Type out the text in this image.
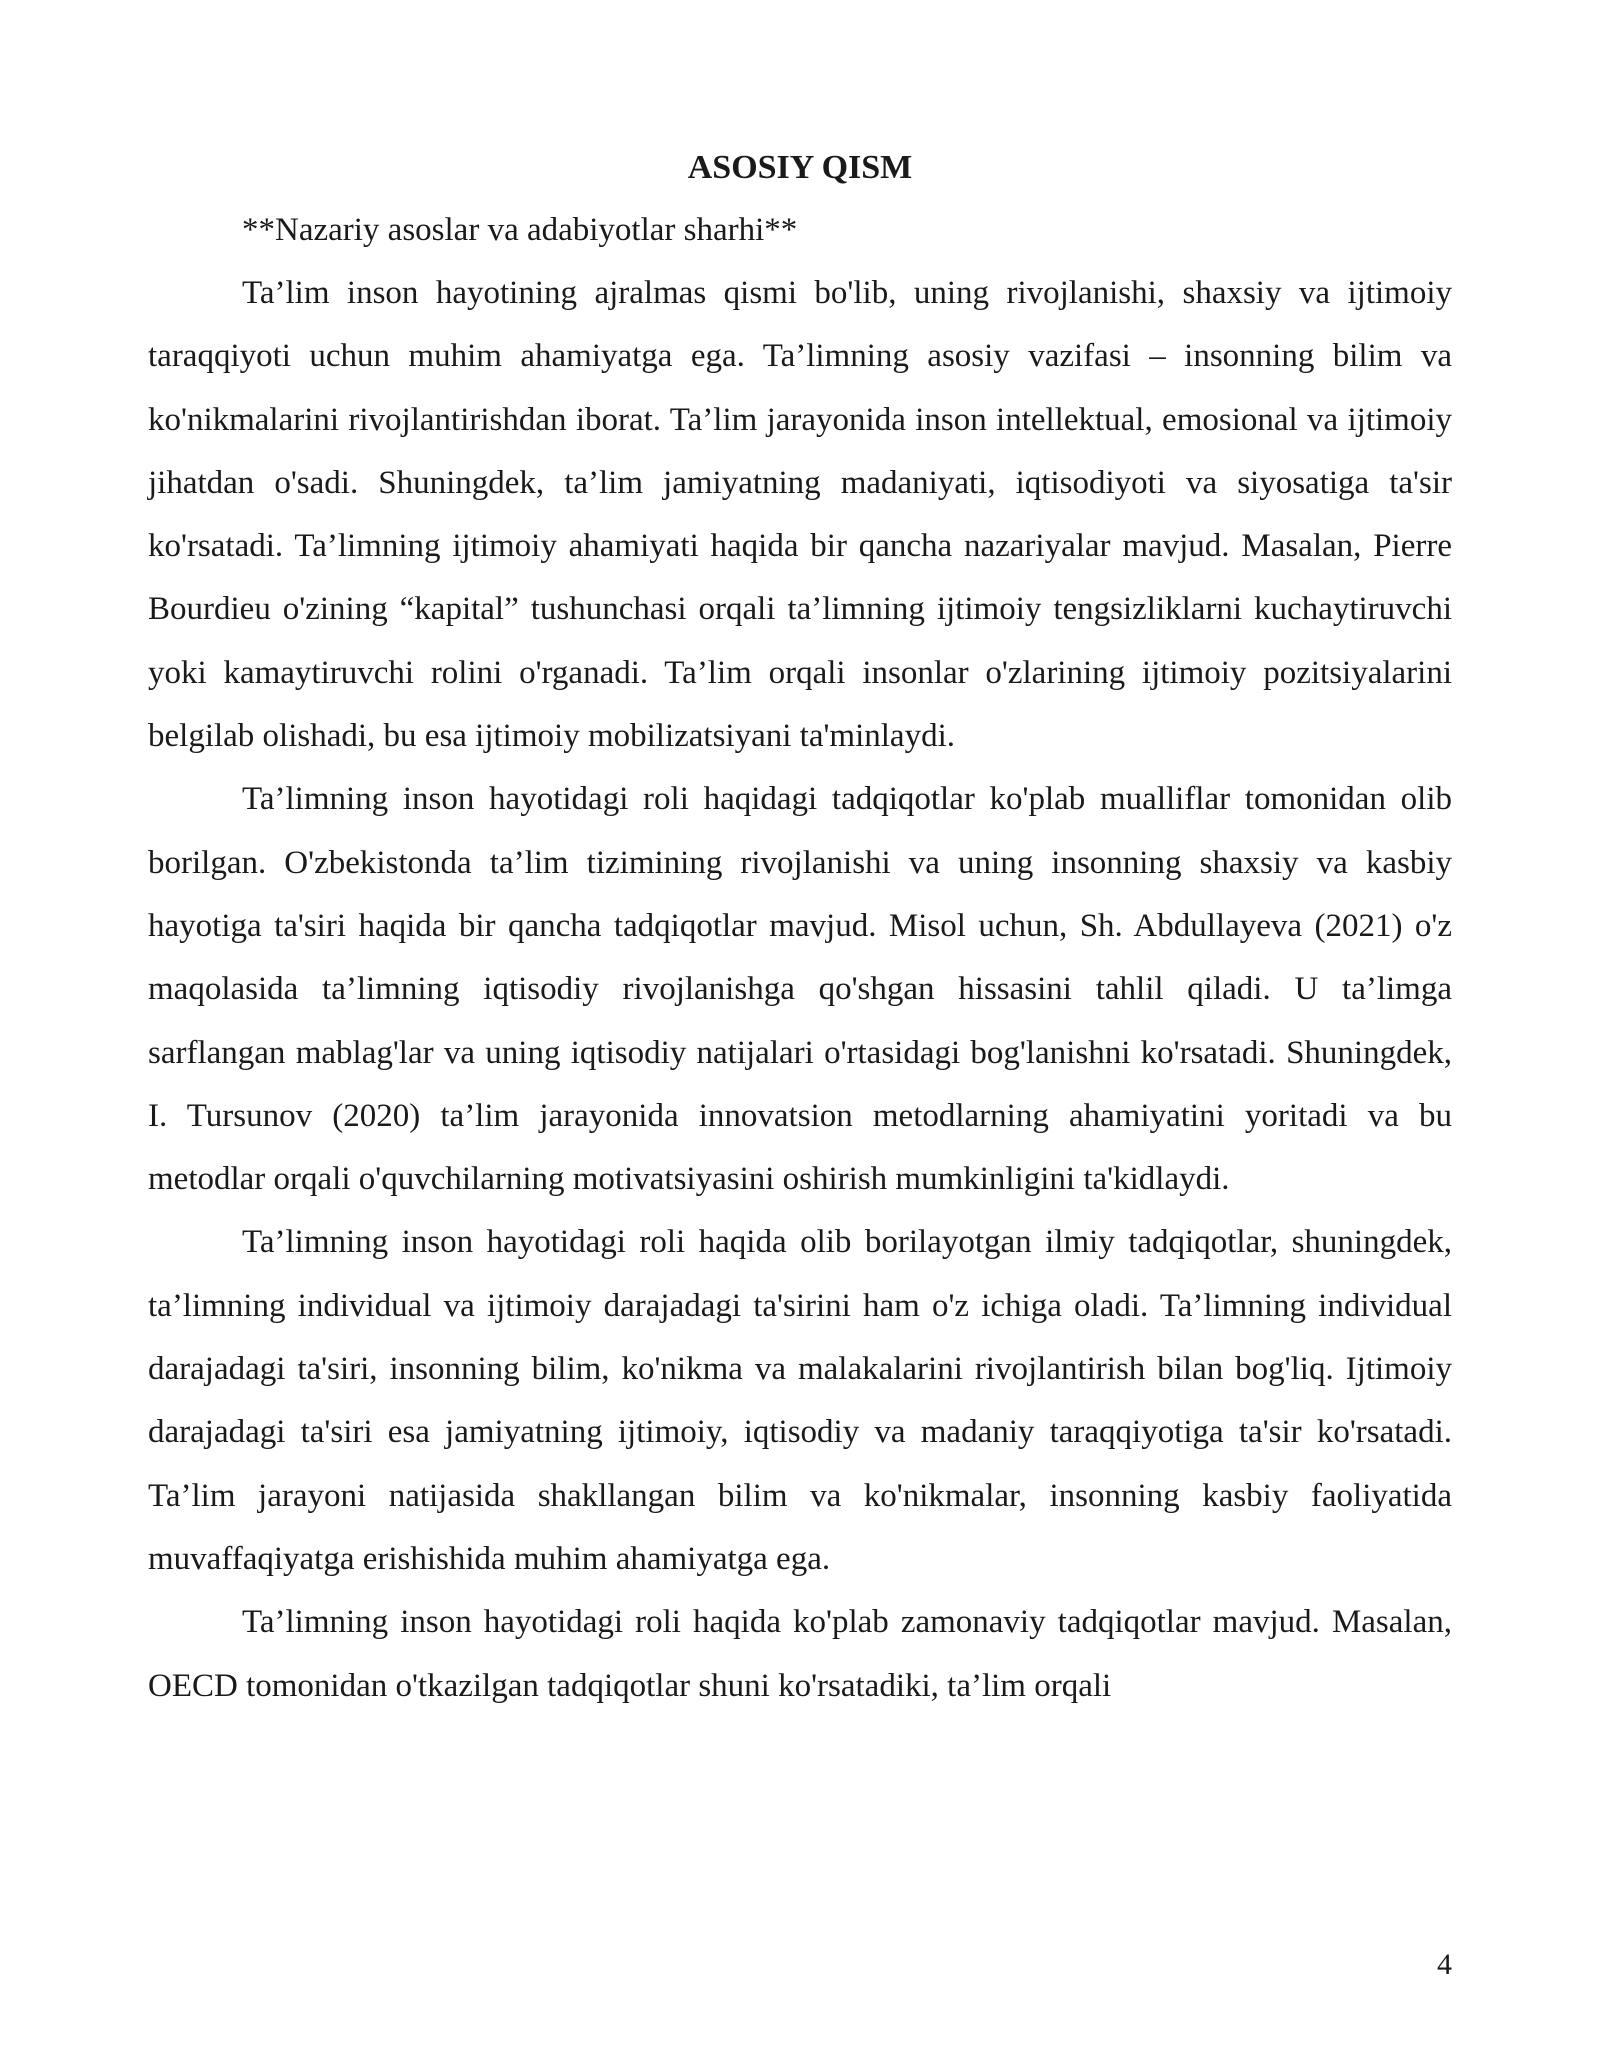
ASOSIY QISM

**Nazariy asoslar va adabiyotlar sharhi**

Ta’lim inson hayotining ajralmas qismi bo'lib, uning rivojlanishi, shaxsiy va ijtimoiy taraqqiyoti uchun muhim ahamiyatga ega. Ta’limning asosiy vazifasi – insonning bilim va ko'nikmalarini rivojlantirishdan iborat. Ta’lim jarayonida inson intellektual, emosional va ijtimoiy jihatdan o'sadi. Shuningdek, ta’lim jamiyatning madaniyati, iqtisodiyoti va siyosatiga ta'sir ko'rsatadi. Ta’limning ijtimoiy ahamiyati haqida bir qancha nazariyalar mavjud. Masalan, Pierre Bourdieu o'zining “kapital” tushunchasi orqali ta’limning ijtimoiy tengsizliklarni kuchaytiruvchi yoki kamaytiruvchi rolini o'rganadi. Ta’lim orqali insonlar o'zlarining ijtimoiy pozitsiyalarini belgilab olishadi, bu esa ijtimoiy mobilizatsiyani ta'minlaydi.

Ta’limning inson hayotidagi roli haqidagi tadqiqotlar ko'plab mualliflar tomonidan olib borilgan. O'zbekistonda ta’lim tizimining rivojlanishi va uning insonning shaxsiy va kasbiy hayotiga ta'siri haqida bir qancha tadqiqotlar mavjud. Misol uchun, Sh. Abdullayeva (2021) o'z maqolasida ta’limning iqtisodiy rivojlanishga qo'shgan hissasini tahlil qiladi. U ta’limga sarflangan mablag'lar va uning iqtisodiy natijalari o'rtasidagi bog'lanishni ko'rsatadi. Shuningdek, I. Tursunov (2020) ta’lim jarayonida innovatsion metodlarning ahamiyatini yoritadi va bu metodlar orqali o'quvchilarning motivatsiyasini oshirish mumkinligini ta'kidlaydi.

Ta’limning inson hayotidagi roli haqida olib borilayotgan ilmiy tadqiqotlar, shuningdek, ta’limning individual va ijtimoiy darajadagi ta'sirini ham o'z ichiga oladi. Ta’limning individual darajadagi ta'siri, insonning bilim, ko'nikma va malakalarini rivojlantirish bilan bog'liq. Ijtimoiy darajadagi ta'siri esa jamiyatning ijtimoiy, iqtisodiy va madaniy taraqqiyotiga ta'sir ko'rsatadi. Ta’lim jarayoni natijasida shakllangan bilim va ko'nikmalar, insonning kasbiy faoliyatida muvaffaqiyatga erishishida muhim ahamiyatga ega.

Ta’limning inson hayotidagi roli haqida ko'plab zamonaviy tadqiqotlar mavjud. Masalan, OECD tomonidan o'tkazilgan tadqiqotlar shuni ko'rsatadiki, ta’lim orqali

4
